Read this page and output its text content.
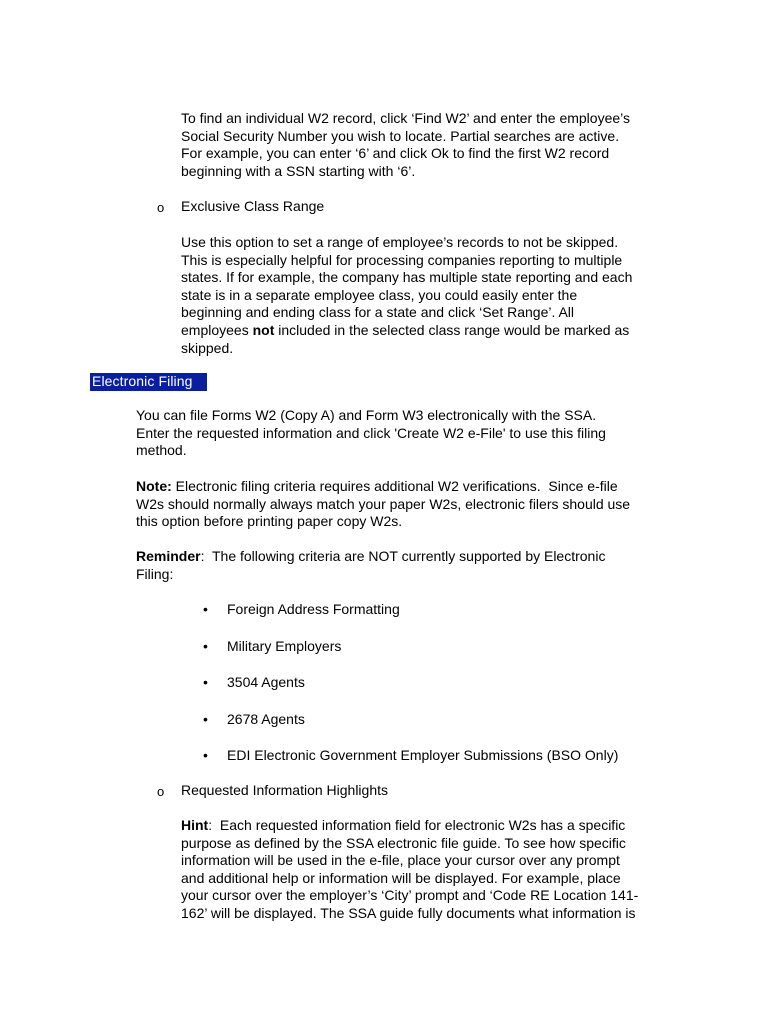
To find an individual W2 record, click ‘Find W2’ and enter the employee’s
Social Security Number you wish to locate. Partial searches are active.
For example, you can enter ‘6’ and click Ok to find the first W2 record
beginning with a SSN starting with ‘6’.
o Exclusive Class Range
Use this option to set a range of employee’s records to not be skipped.
This is especially helpful for processing companies reporting to multiple
states. If for example, the company has multiple state reporting and each
state is in a separate employee class, you could easily enter the
beginning and ending class for a state and click ‘Set Range’. All
employees not included in the selected class range would be marked as
skipped.
Electronic Filing
You can file Forms W2 (Copy A) and Form W3 electronically with the SSA.
Enter the requested information and click 'Create W2 e-File' to use this filing
method.
Note: Electronic filing criteria requires additional W2 verifications.  Since e-file
W2s should normally always match your paper W2s, electronic filers should use
this option before printing paper copy W2s.
Reminder:  The following criteria are NOT currently supported by Electronic
Filing:
• Foreign Address Formatting
• Military Employers
• 3504 Agents
• 2678 Agents
• EDI Electronic Government Employer Submissions (BSO Only)
o Requested Information Highlights
Hint:  Each requested information field for electronic W2s has a specific
purpose as defined by the SSA electronic file guide. To see how specific
information will be used in the e-file, place your cursor over any prompt
and additional help or information will be displayed. For example, place
your cursor over the employer’s ‘City’ prompt and ‘Code RE Location 141-
162’ will be displayed. The SSA guide fully documents what information is
